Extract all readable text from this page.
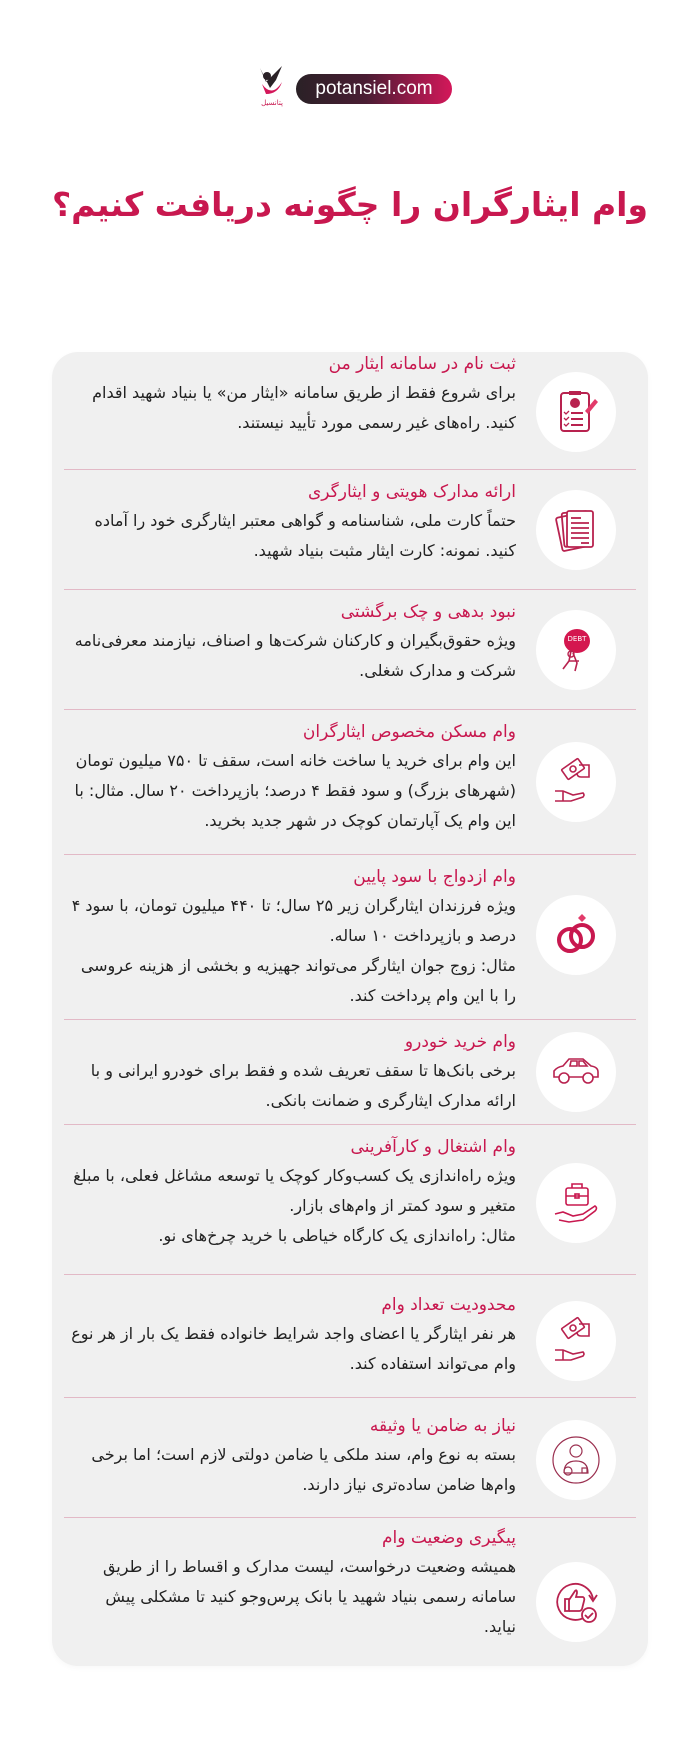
پتانسیل
potansiel.com
وام ایثارگران را چگونه دریافت کنیم؟
ثبت نام در سامانه ایثار من
برای شروع فقط از طریق سامانه «ایثار من» یا بنیاد شهید اقدام کنید. راه‌های غیر رسمی مورد تأیید نیستند.
ارائه مدارک هویتی و ایثارگری
حتماً کارت ملی، شناسنامه و گواهی معتبر ایثارگری خود را آماده کنید. نمونه: کارت ایثار مثبت بنیاد شهید.
DEBT
نبود بدهی و چک برگشتی
ویژه حقوق‌بگیران و کارکنان شرکت‌ها و اصناف، نیازمند معرفی‌نامه شرکت و مدارک شغلی.
وام مسکن مخصوص ایثارگران
این وام برای خرید یا ساخت خانه است، سقف تا ۷۵۰ میلیون تومان (شهرهای بزرگ) و سود فقط ۴ درصد؛ بازپرداخت ۲۰ سال. مثال: با این وام یک آپارتمان کوچک در شهر جدید بخرید.
وام ازدواج با سود پایین
ویژه فرزندان ایثارگران زیر ۲۵ سال؛ تا ۴۴۰ میلیون تومان، با سود ۴ درصد و بازپرداخت ۱۰ ساله.
مثال: زوج جوان ایثارگر می‌تواند جهیزیه و بخشی از هزینه عروسی را با این وام پرداخت کند.
وام خرید خودرو
برخی بانک‌ها تا سقف تعریف شده و فقط برای خودرو ایرانی و با ارائه مدارک ایثارگری و ضمانت بانکی.
وام اشتغال و کارآفرینی
ویژه راه‌اندازی یک کسب‌وکار کوچک یا توسعه مشاغل فعلی، با مبلغ متغیر و سود کمتر از وام‌های بازار.
مثال: راه‌اندازی یک کارگاه خیاطی با خرید چرخ‌های نو.
محدودیت تعداد وام
هر نفر ایثارگر یا اعضای واجد شرایط خانواده فقط یک بار از هر نوع وام می‌تواند استفاده کند.
نیاز به ضامن یا وثیقه
بسته به نوع وام، سند ملکی یا ضامن دولتی لازم است؛ اما برخی وام‌ها ضامن ساده‌تری نیاز دارند.
پیگیری وضعیت وام
همیشه وضعیت درخواست، لیست مدارک و اقساط را از طریق سامانه رسمی بنیاد شهید یا بانک پرس‌وجو کنید تا مشکلی پیش نیاید.
